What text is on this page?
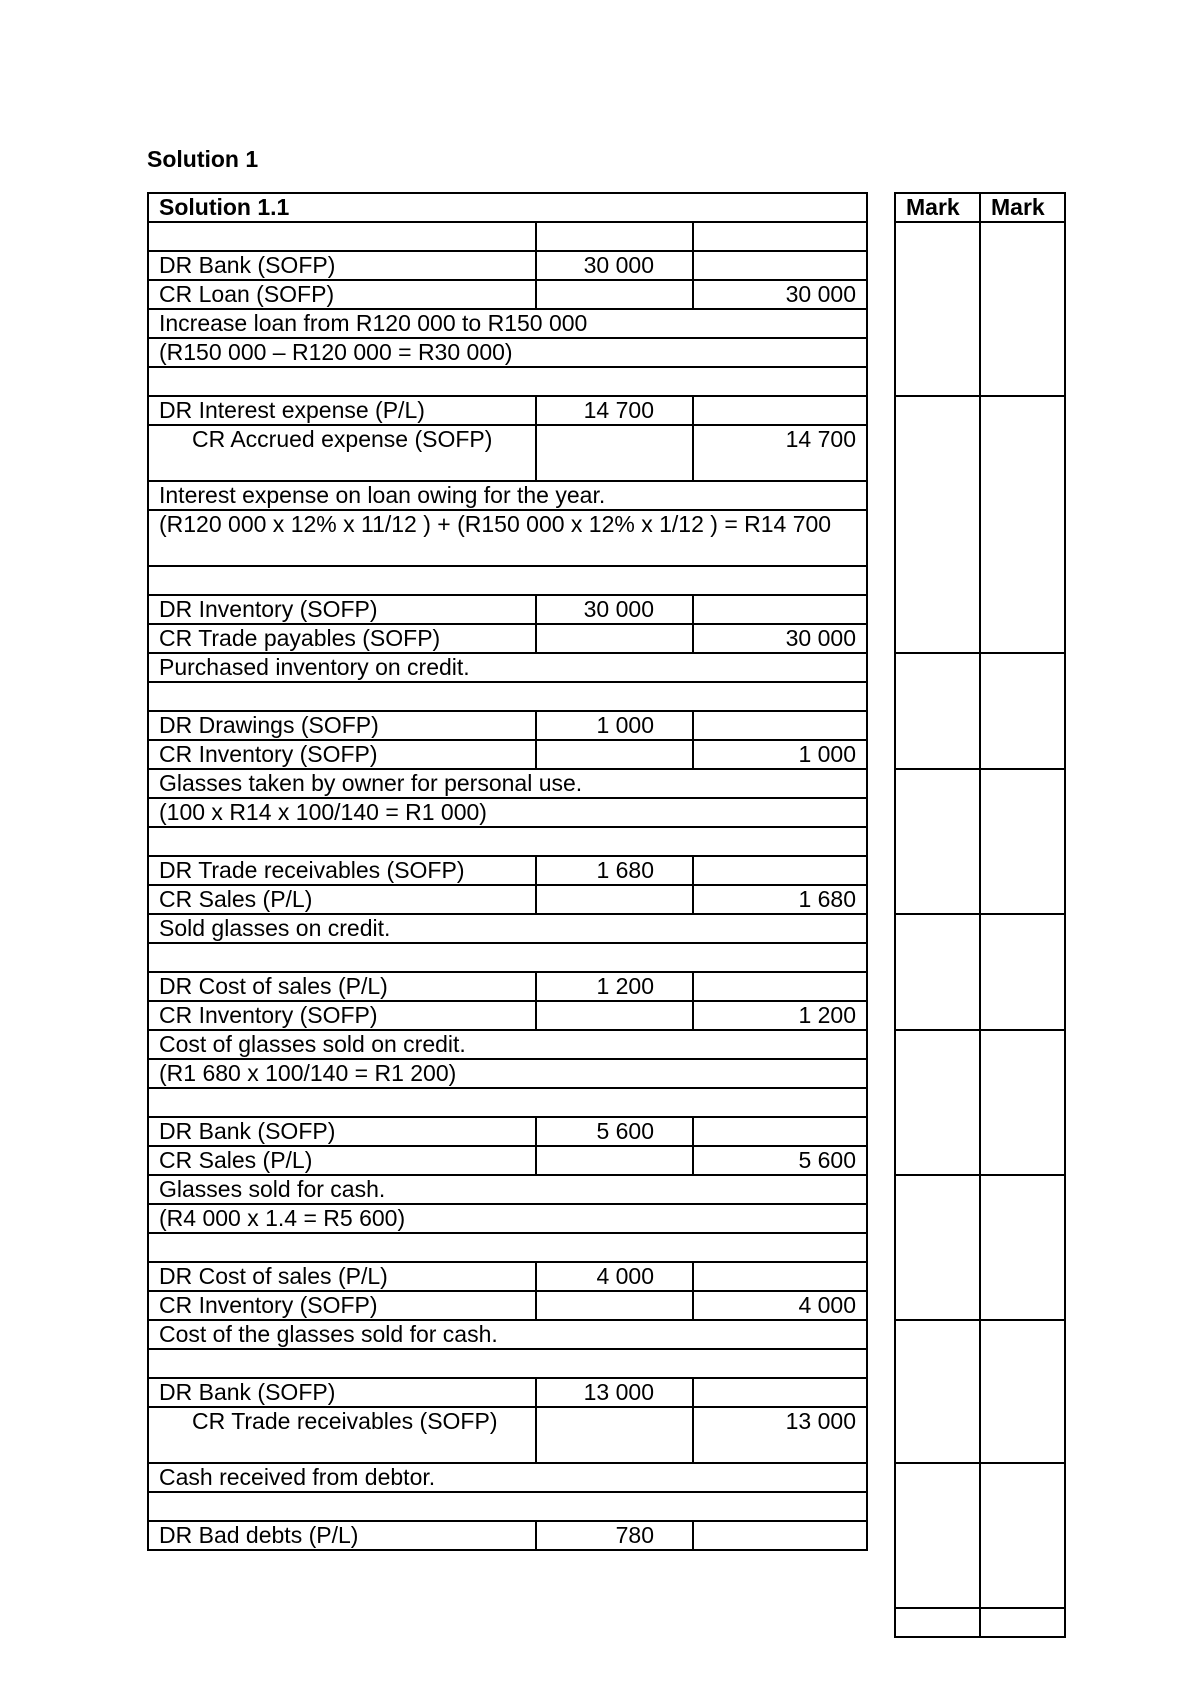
Solution 1
Solution 1.1		

DR Bank (SOFP)	30 000	
CR Loan (SOFP)		30 000
Increase loan from R120 000 to R150 000		
(R150 000 – R120 000 = R30 000)		

DR Interest expense (P/L)	14 700	
CR Accrued expense (SOFP)		14 700
Interest expense on loan owing for the year.		
(R120 000 x 12% x 11/12 ) + (R150 000 x 12% x 1/12 ) = R14 700		

DR Inventory (SOFP)	30 000	
CR Trade payables (SOFP)		30 000
Purchased inventory on credit.		

DR Drawings (SOFP)	1 000	
CR Inventory (SOFP)		1 000
Glasses taken by owner for personal use.		
(100 x R14 x 100/140 = R1 000)		

DR Trade receivables (SOFP)	1 680	
CR Sales (P/L)		1 680
Sold glasses on credit.		

DR Cost of sales (P/L)	1 200	
CR Inventory (SOFP)		1 200
Cost of glasses sold on credit.		
(R1 680 x 100/140 = R1 200)		

DR Bank (SOFP)	5 600	
CR Sales (P/L)		5 600
Glasses sold for cash.		
(R4 000 x 1.4 = R5 600)		

DR Cost of sales (P/L)	4 000	
CR Inventory (SOFP)		4 000
Cost of the glasses sold for cash.		

DR Bank (SOFP)	13 000	
CR Trade receivables (SOFP)		13 000
Cash received from debtor.		

DR Bad debts (P/L)	780	
Mark	Mark
